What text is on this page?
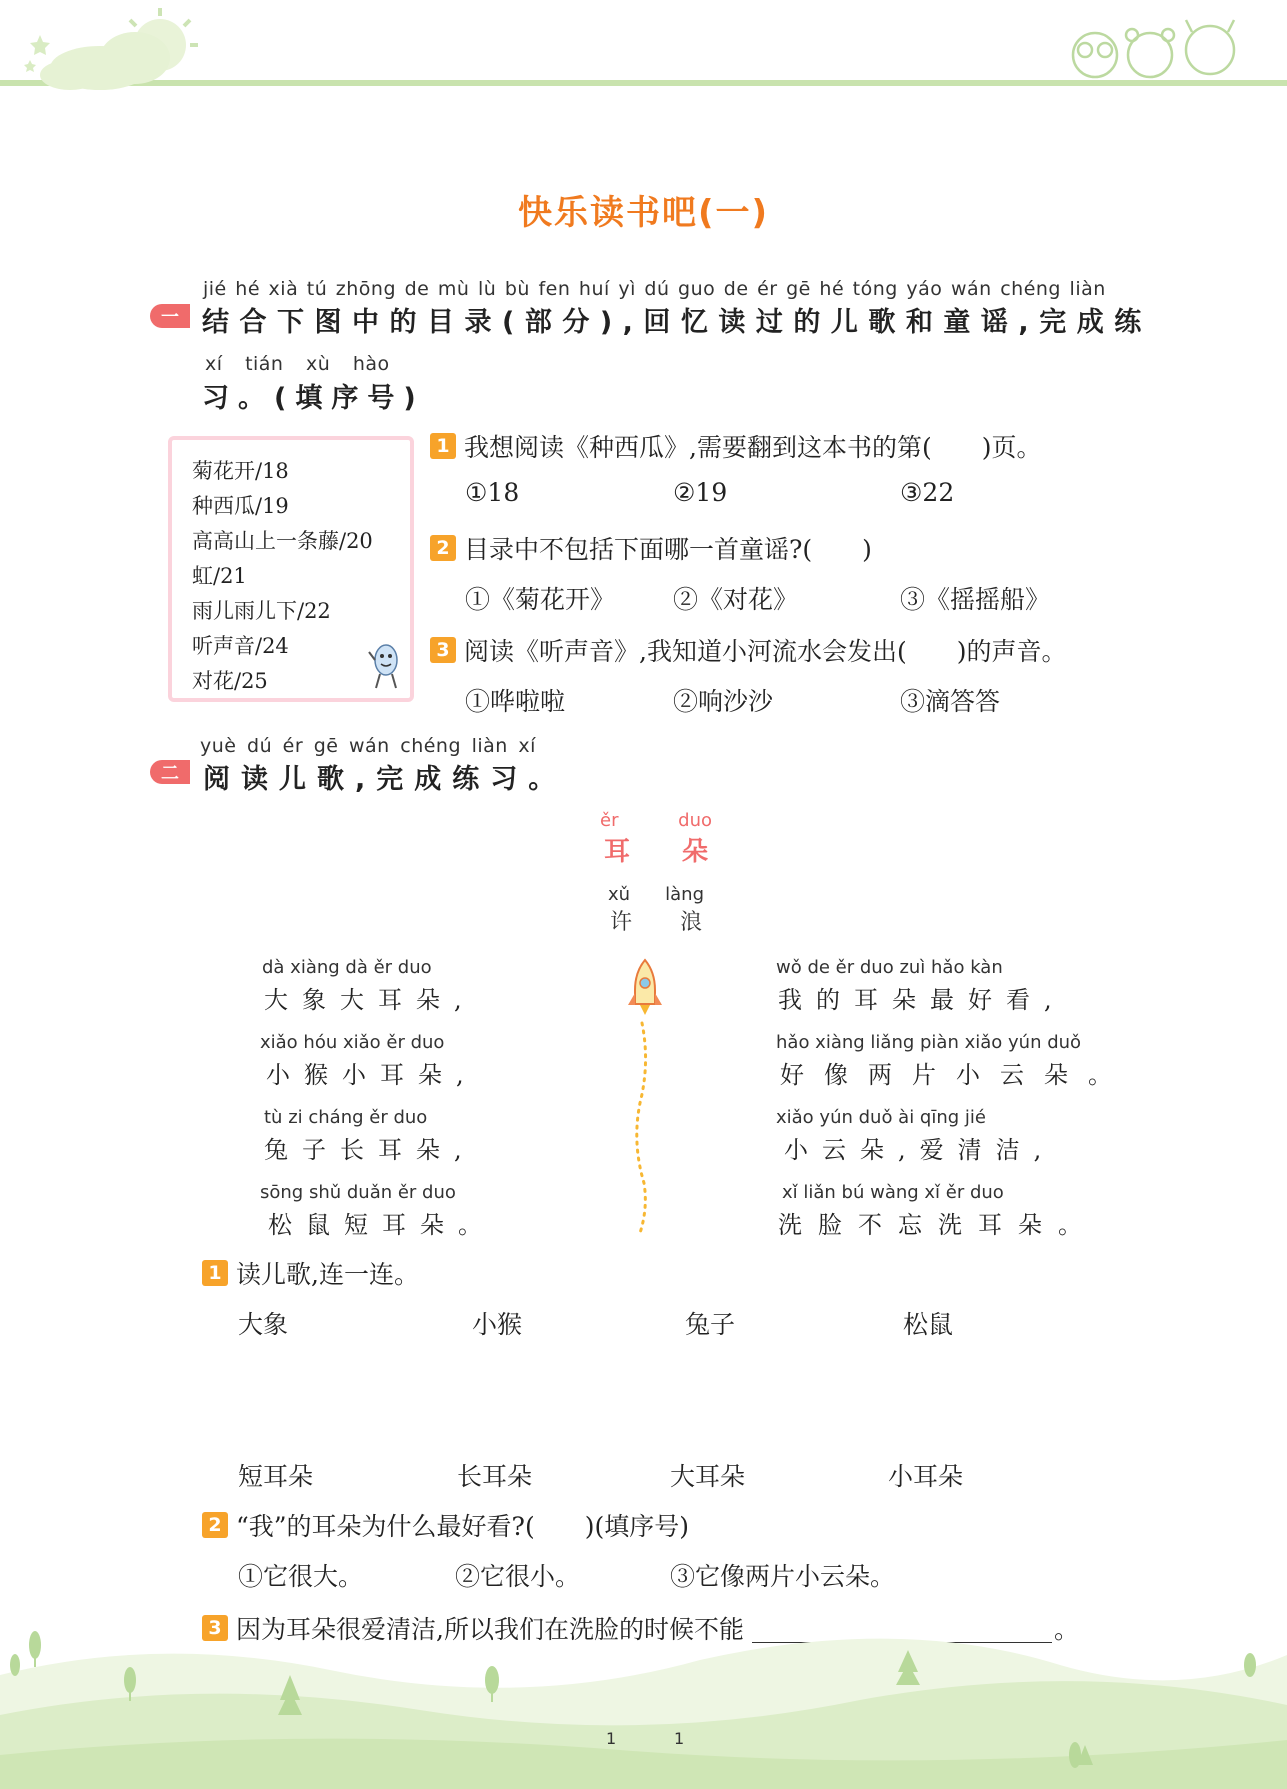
快乐读书吧(一)
一
jié hé xià tú zhōng de mù lù bù fen huí yì dú guo de ér gē hé tóng yáo wán chéng liàn
结合下图中的目录(部分),回忆读过的儿歌和童谣,完成练
xí tián xù hào
习。(填序号)
菊花开/18
种西瓜/19
高高山上一条藤/20
虹/21
雨儿雨儿下/22
听声音/24
对花/25
1 我想阅读《种西瓜》,需要翻到这本书的第(　　)页。
①18	②19	③22
2 目录中不包括下面哪一首童谣?(　　)
①《菊花开》 ②《对花》	③《摇摇船》
3 阅读《听声音》,我知道小河流水会发出(　　)的声音。
①哗啦啦	②响沙沙	③滴答答
二
yuè dú ér gē wán chéng liàn xí
阅读儿歌,完成练习。
ěr	duo
耳 朵
xǔ làng
许 浪
dà xiàng dà ěr duo
大象大耳朵,
xiǎo hóu xiǎo ěr duo
小猴小耳朵,
tù zi cháng ěr duo
兔子长耳朵,
sōng shǔ duǎn ěr duo
松鼠短耳朵。
wǒ de ěr duo zuì hǎo kàn
我的耳朵最好看,
hǎo xiàng liǎng piàn xiǎo yún duǒ
好像两片小云朵。
xiǎo yún duǒ ài qīng jié
小云朵,爱清洁,
xǐ liǎn bú wàng xǐ ěr duo
洗脸不忘洗耳朵。
1 读儿歌,连一连。
大象	小猴	兔子	松鼠
短耳朵	长耳朵	大耳朵	小耳朵
2 “我”的耳朵为什么最好看?(　　)(填序号)
①它很大。	②它很小。	③它像两片小云朵。
3 因为耳朵很爱清洁,所以我们在洗脸的时候不能	。
1	1
